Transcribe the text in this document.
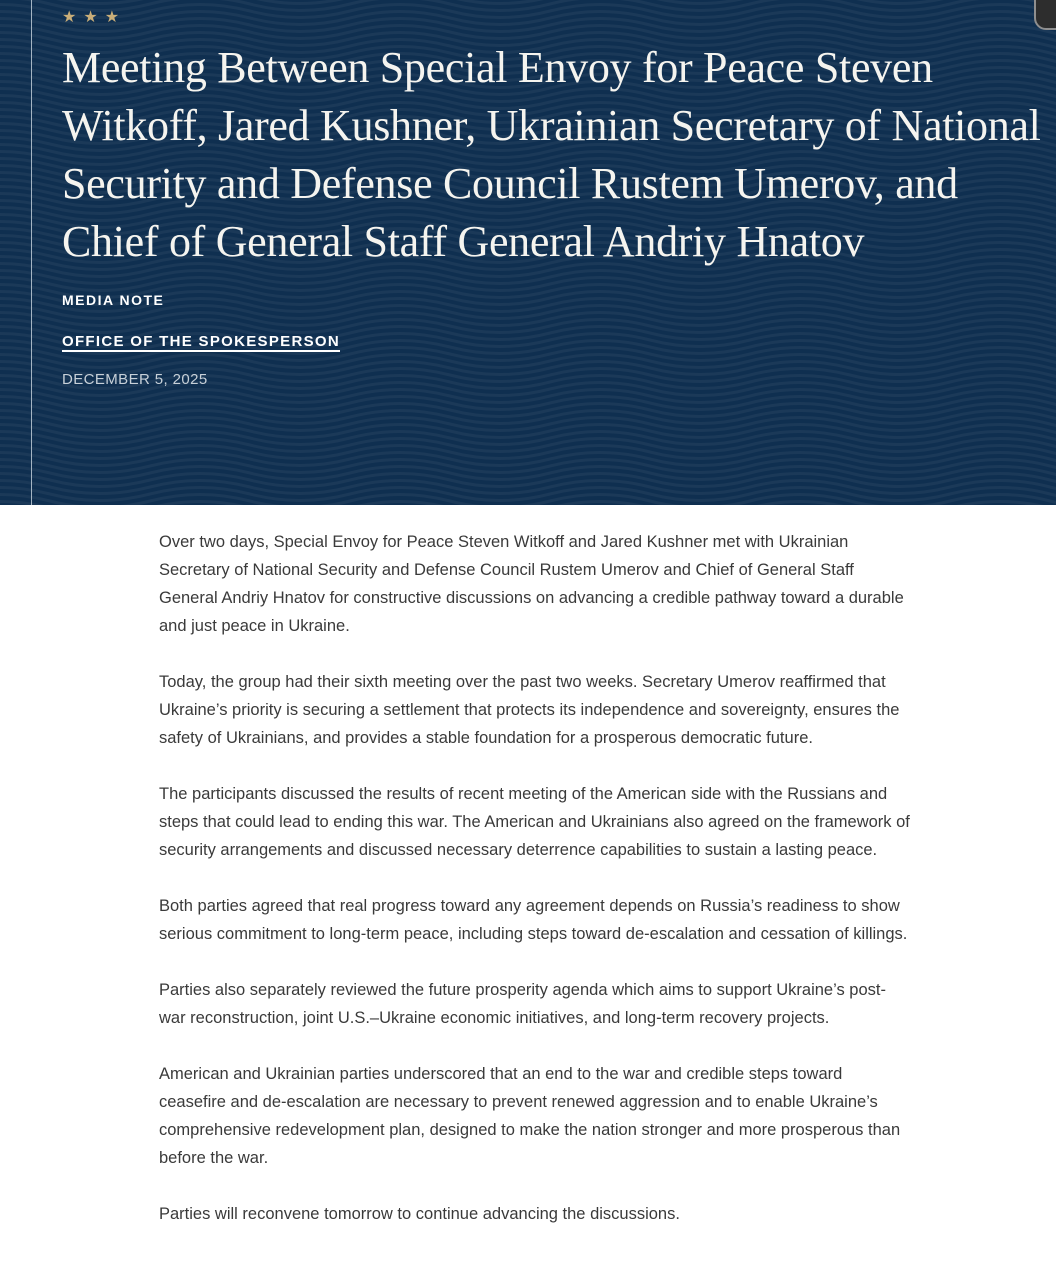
★★★
Meeting Between Special Envoy for Peace Steven Witkoff, Jared Kushner, Ukrainian Secretary of National Security and Defense Council Rustem Umerov, and Chief of General Staff General Andriy Hnatov
MEDIA NOTE
OFFICE OF THE SPOKESPERSON
DECEMBER 5, 2025

Over two days, Special Envoy for Peace Steven Witkoff and Jared Kushner met with Ukrainian Secretary of National Security and Defense Council Rustem Umerov and Chief of General Staff General Andriy Hnatov for constructive discussions on advancing a credible pathway toward a durable and just peace in Ukraine.

Today, the group had their sixth meeting over the past two weeks. Secretary Umerov reaffirmed that Ukraine’s priority is securing a settlement that protects its independence and sovereignty, ensures the safety of Ukrainians, and provides a stable foundation for a prosperous democratic future.

The participants discussed the results of recent meeting of the American side with the Russians and steps that could lead to ending this war. The American and Ukrainians also agreed on the framework of security arrangements and discussed necessary deterrence capabilities to sustain a lasting peace.

Both parties agreed that real progress toward any agreement depends on Russia’s readiness to show serious commitment to long-term peace, including steps toward de-escalation and cessation of killings.

Parties also separately reviewed the future prosperity agenda which aims to support Ukraine’s post-war reconstruction, joint U.S.–Ukraine economic initiatives, and long-term recovery projects.

American and Ukrainian parties underscored that an end to the war and credible steps toward ceasefire and de-escalation are necessary to prevent renewed aggression and to enable Ukraine’s comprehensive redevelopment plan, designed to make the nation stronger and more prosperous than before the war.

Parties will reconvene tomorrow to continue advancing the discussions.
